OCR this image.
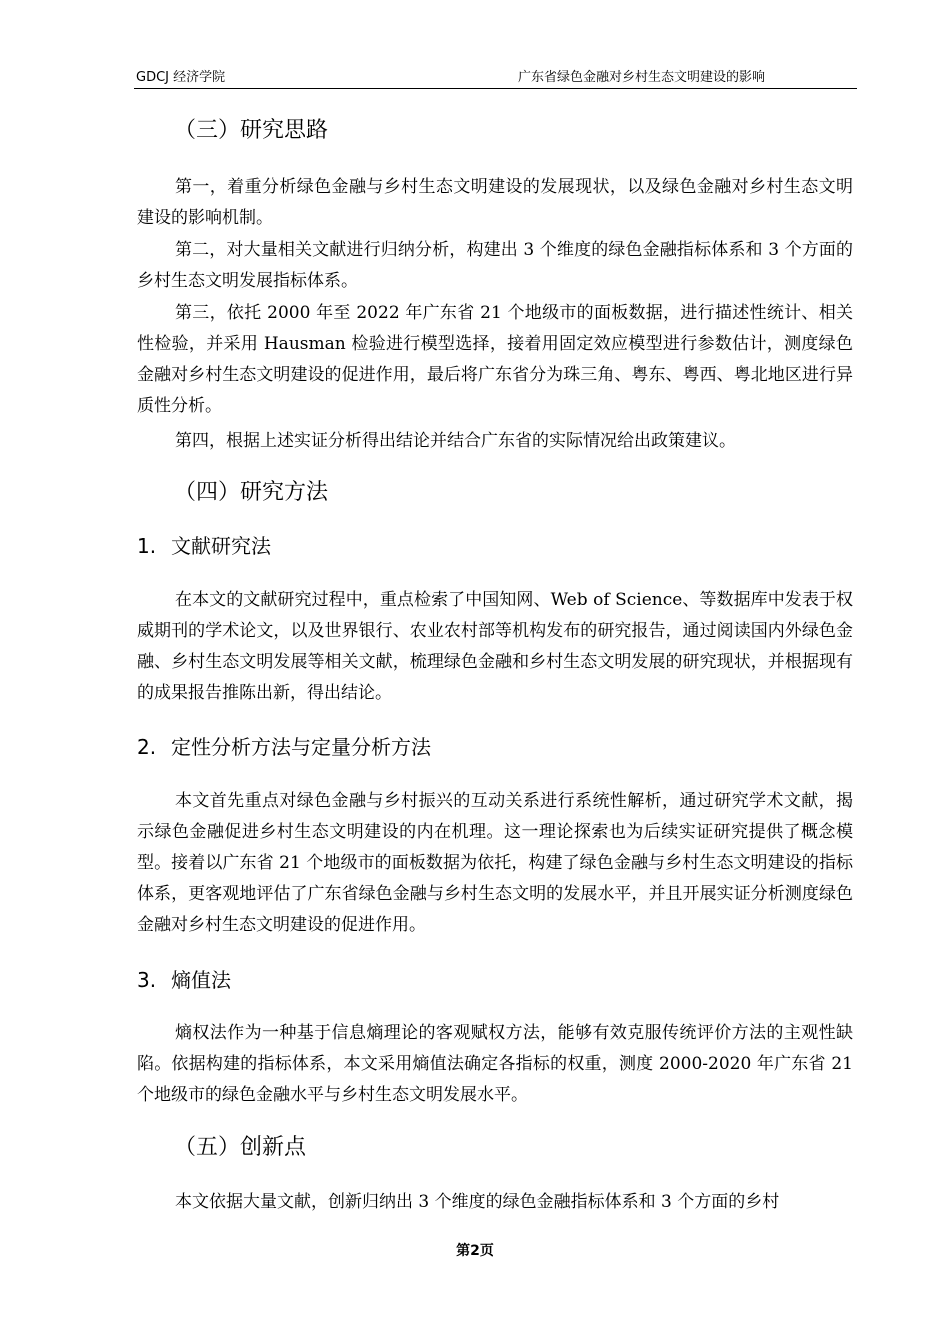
GDCJ 经济学院	广东省绿色金融对乡村生态文明建设的影响
（三）研究思路
第一，着重分析绿色金融与乡村生态文明建设的发展现状，以及绿色金融对乡村生态文明建设的影响机制。
第二，对大量相关文献进行归纳分析，构建出 3 个维度的绿色金融指标体系和 3 个方面的乡村生态文明发展指标体系。
第三，依托 2000 年至 2022 年广东省 21 个地级市的面板数据，进行描述性统计、相关性检验，并采用 Hausman 检验进行模型选择，接着用固定效应模型进行参数估计，测度绿色金融对乡村生态文明建设的促进作用，最后将广东省分为珠三角、粤东、粤西、粤北地区进行异质性分析。
第四，根据上述实证分析得出结论并结合广东省的实际情况给出政策建议。
（四）研究方法
1. 文献研究法
在本文的文献研究过程中，重点检索了中国知网、Web of Science、等数据库中发表于权威期刊的学术论文，以及世界银行、农业农村部等机构发布的研究报告，通过阅读国内外绿色金融、乡村生态文明发展等相关文献，梳理绿色金融和乡村生态文明发展的研究现状，并根据现有的成果报告推陈出新，得出结论。
2. 定性分析方法与定量分析方法
本文首先重点对绿色金融与乡村振兴的互动关系进行系统性解析，通过研究学术文献，揭示绿色金融促进乡村生态文明建设的内在机理。这一理论探索也为后续实证研究提供了概念模型。接着以广东省 21 个地级市的面板数据为依托，构建了绿色金融与乡村生态文明建设的指标体系，更客观地评估了广东省绿色金融与乡村生态文明的发展水平，并且开展实证分析测度绿色金融对乡村生态文明建设的促进作用。
3. 熵值法
熵权法作为一种基于信息熵理论的客观赋权方法，能够有效克服传统评价方法的主观性缺陷。依据构建的指标体系，本文采用熵值法确定各指标的权重，测度 2000-2020 年广东省 21 个地级市的绿色金融水平与乡村生态文明发展水平。
（五）创新点
本文依据大量文献，创新归纳出 3 个维度的绿色金融指标体系和 3 个方面的乡村
第2页
